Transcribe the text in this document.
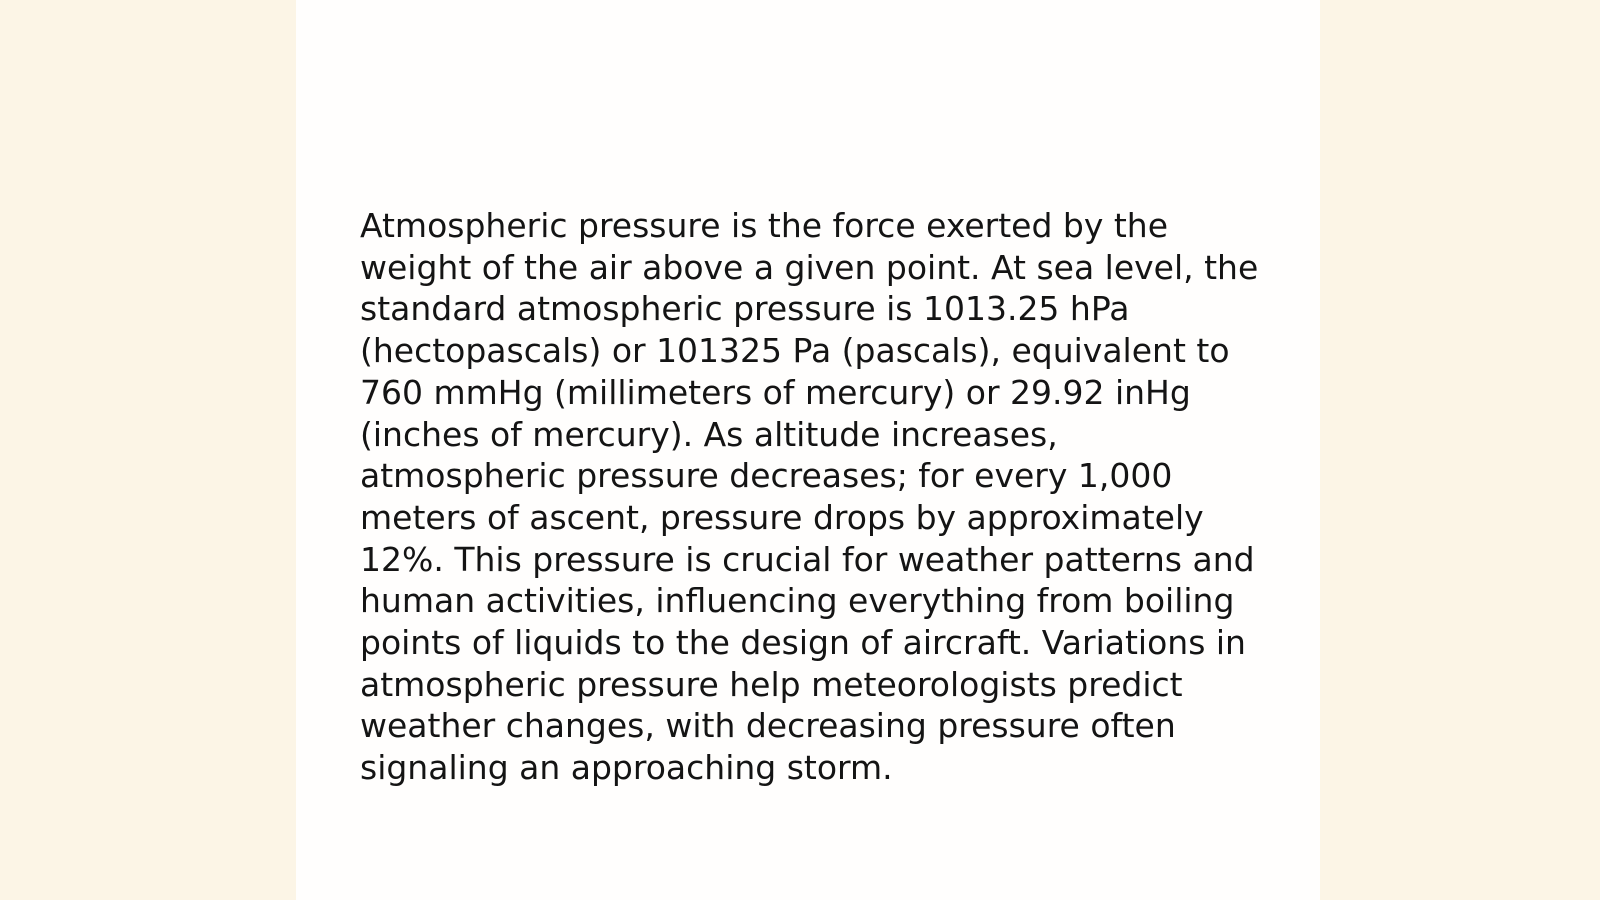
Atmospheric pressure is the force exerted by the
weight of the air above a given point. At sea level, the
standard atmospheric pressure is 1013.25 hPa
(hectopascals) or 101325 Pa (pascals), equivalent to
760 mmHg (millimeters of mercury) or 29.92 inHg
(inches of mercury). As altitude increases,
atmospheric pressure decreases; for every 1,000
meters of ascent, pressure drops by approximately
12%. This pressure is crucial for weather patterns and
human activities, influencing everything from boiling
points of liquids to the design of aircraft. Variations in
atmospheric pressure help meteorologists predict
weather changes, with decreasing pressure often
signaling an approaching storm.
